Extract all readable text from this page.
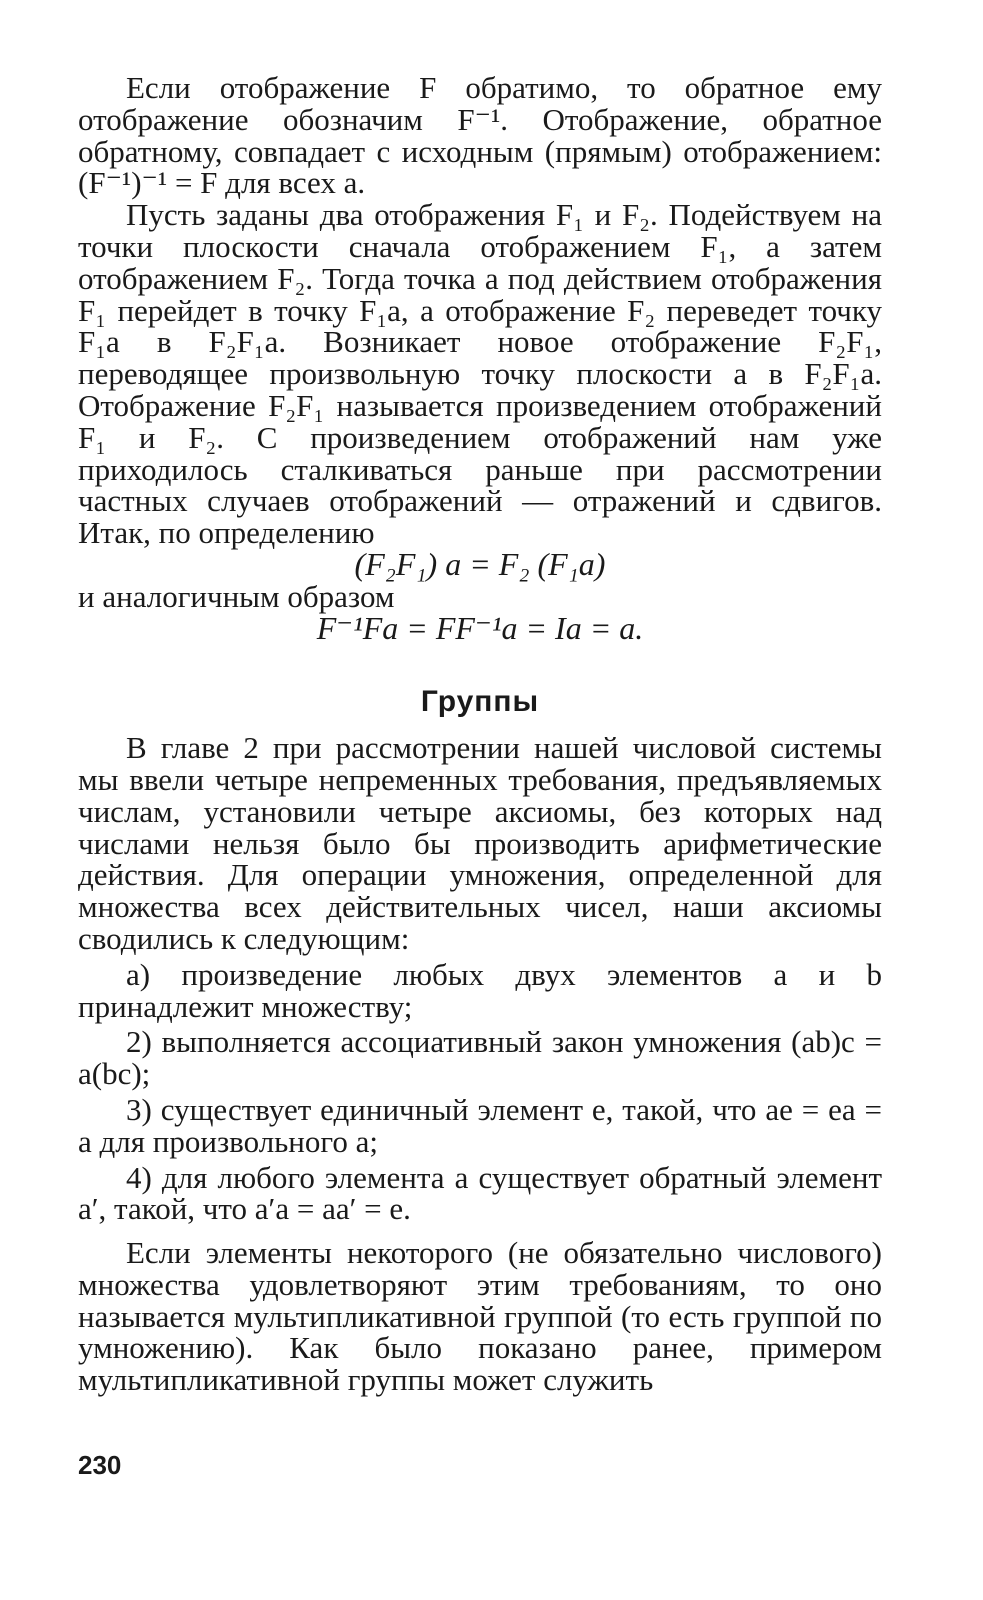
Если отображение F обратимо, то обратное ему отображение обозначим F⁻¹. Отображение, обратное обратному, совпадает с исходным (прямым) отображением: (F⁻¹)⁻¹ = F для всех a.

Пусть заданы два отображения F₁ и F₂. Подействуем на точки плоскости сначала отображением F₁, а затем отображением F₂. Тогда точка a под действием отображения F₁ перейдет в точку F₁a, а отображение F₂ переведет точку F₁a в F₂F₁a. Возникает новое отображение F₂F₁, переводящее произвольную точку плоскости a в F₂F₁a. Отображение F₂F₁ называется произведением отображений F₁ и F₂. С произведением отображений нам уже приходилось сталкиваться раньше при рассмотрении частных случаев отображений — отражений и сдвигов. Итак, по определению

(F₂F₁) a = F₂ (F₁a)

и аналогичным образом

F⁻¹Fa = FF⁻¹a = Ia = a.

Группы

В главе 2 при рассмотрении нашей числовой системы мы ввели четыре непременных требования, предъявляемых числам, установили четыре аксиомы, без которых над числами нельзя было бы производить арифметические действия. Для операции умножения, определенной для множества всех действительных чисел, наши аксиомы сводились к следующим:

а) произведение любых двух элементов a и b принадлежит множеству;

2) выполняется ассоциативный закон умножения (ab)c = a(bc);

3) существует единичный элемент e, такой, что ae = ea = a для произвольного a;

4) для любого элемента a существует обратный элемент a′, такой, что a′a = aa′ = e.

Если элементы некоторого (не обязательно числового) множества удовлетворяют этим требованиям, то оно называется мультипликативной группой (то есть группой по умножению). Как было показано ранее, примером мультипликативной группы может служить

230
